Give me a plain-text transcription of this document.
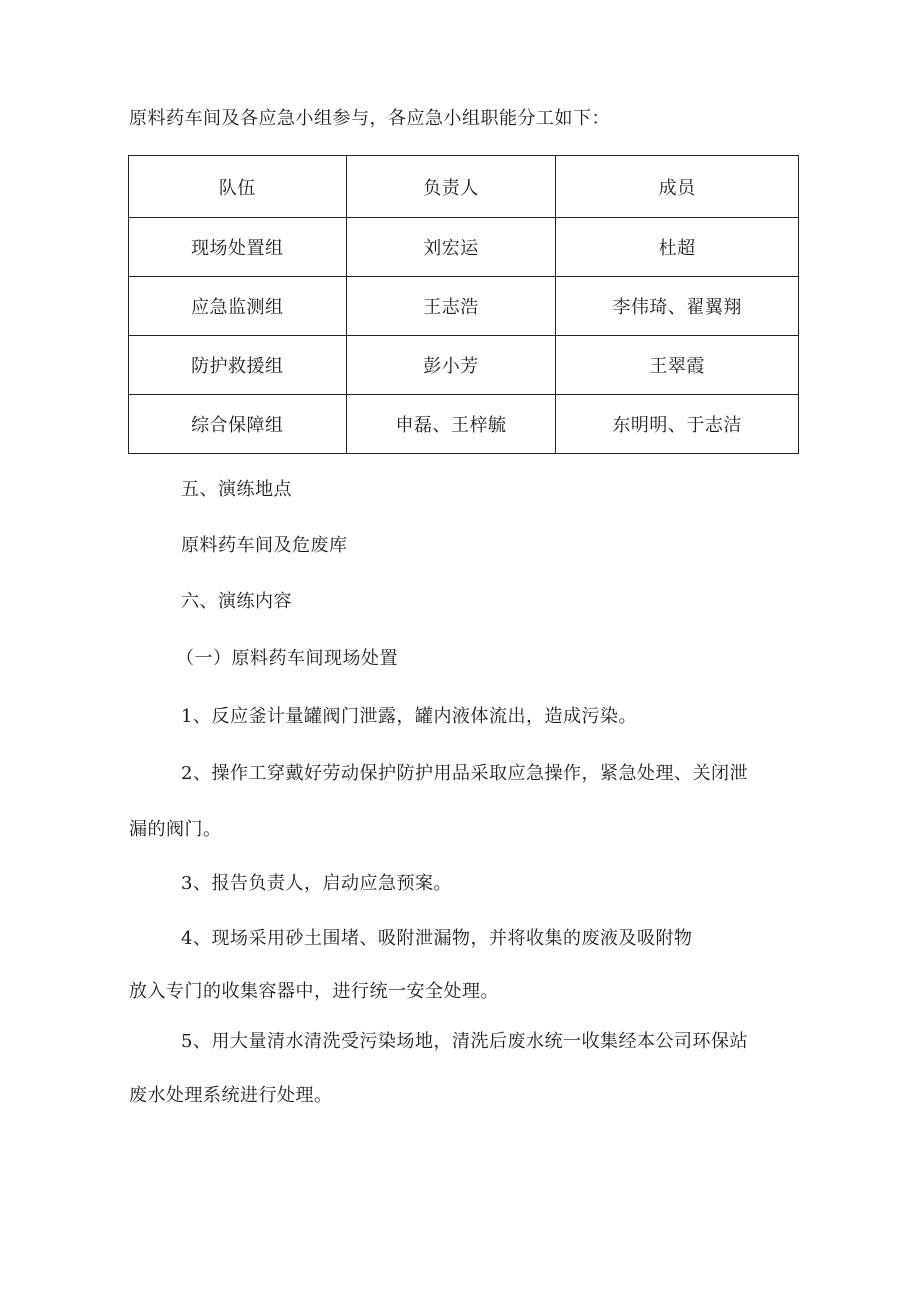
原料药车间及各应急小组参与，各应急小组职能分工如下：
队伍	负责人	成员
现场处置组	刘宏运	杜超
应急监测组	王志浩	李伟琦、翟翼翔
防护救援组	彭小芳	王翠霞
综合保障组	申磊、王梓毓	东明明、于志洁
五、演练地点
原料药车间及危废库
六、演练内容
（一）原料药车间现场处置
1、反应釜计量罐阀门泄露，罐内液体流出，造成污染。
2、操作工穿戴好劳动保护防护用品采取应急操作，紧急处理、关闭泄
漏的阀门。
3、报告负责人，启动应急预案。
4、现场采用砂土围堵、吸附泄漏物，并将收集的废液及吸附物
放入专门的收集容器中，进行统一安全处理。
5、用大量清水清洗受污染场地，清洗后废水统一收集经本公司环保站
废水处理系统进行处理。
